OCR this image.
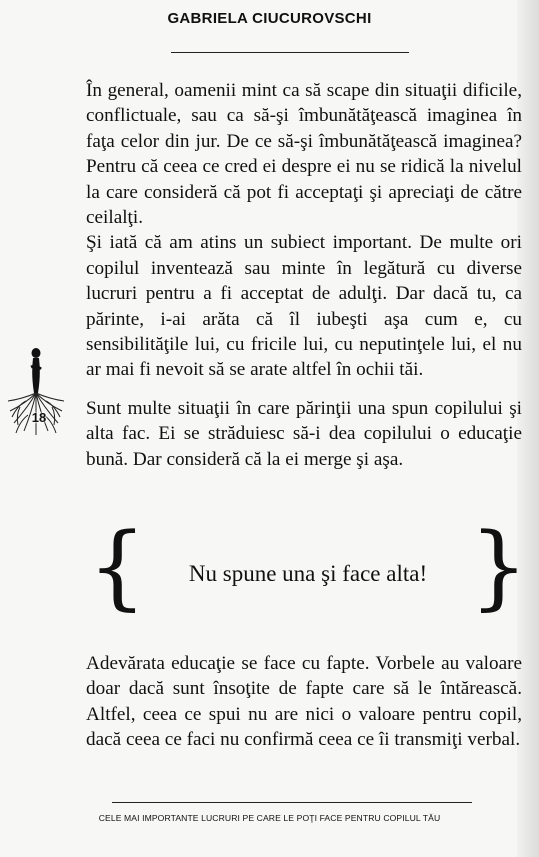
GABRIELA CIUCUROVSCHI

În general, oamenii mint ca să scape din situaţii dificile, conflictuale, sau ca să-şi îmbunătăţească imaginea în faţa celor din jur. De ce să-şi îmbunătăţească imaginea? Pentru că ceea ce cred ei despre ei nu se ridică la nivelul la care consideră că pot fi acceptaţi şi apreciaţi de către ceilalţi.

Şi iată că am atins un subiect important. De multe ori copilul inventează sau minte în legătură cu diverse lucruri pentru a fi acceptat de adulţi. Dar dacă tu, ca părinte, i-ai arăta că îl iubeşti aşa cum e, cu sensibilităţile lui, cu fricile lui, cu neputinţele lui, el nu ar mai fi nevoit să se arate altfel în ochii tăi.

Sunt multe situaţii în care părinţii una spun copilului şi alta fac. Ei se străduiesc să-i dea copilului o educaţie bună. Dar consideră că la ei merge şi aşa.

18
{	Nu spune una şi face alta! }

Adevărata educaţie se face cu fapte. Vorbele au valoare doar dacă sunt însoţite de fapte care să le întărească. Altfel, ceea ce spui nu are nici o valoare pentru copil, dacă ceea ce faci nu confirmă ceea ce îi transmiţi verbal.

CELE MAI IMPORTANTE LUCRURI PE CARE LE POŢI FACE PENTRU COPILUL TĂU
